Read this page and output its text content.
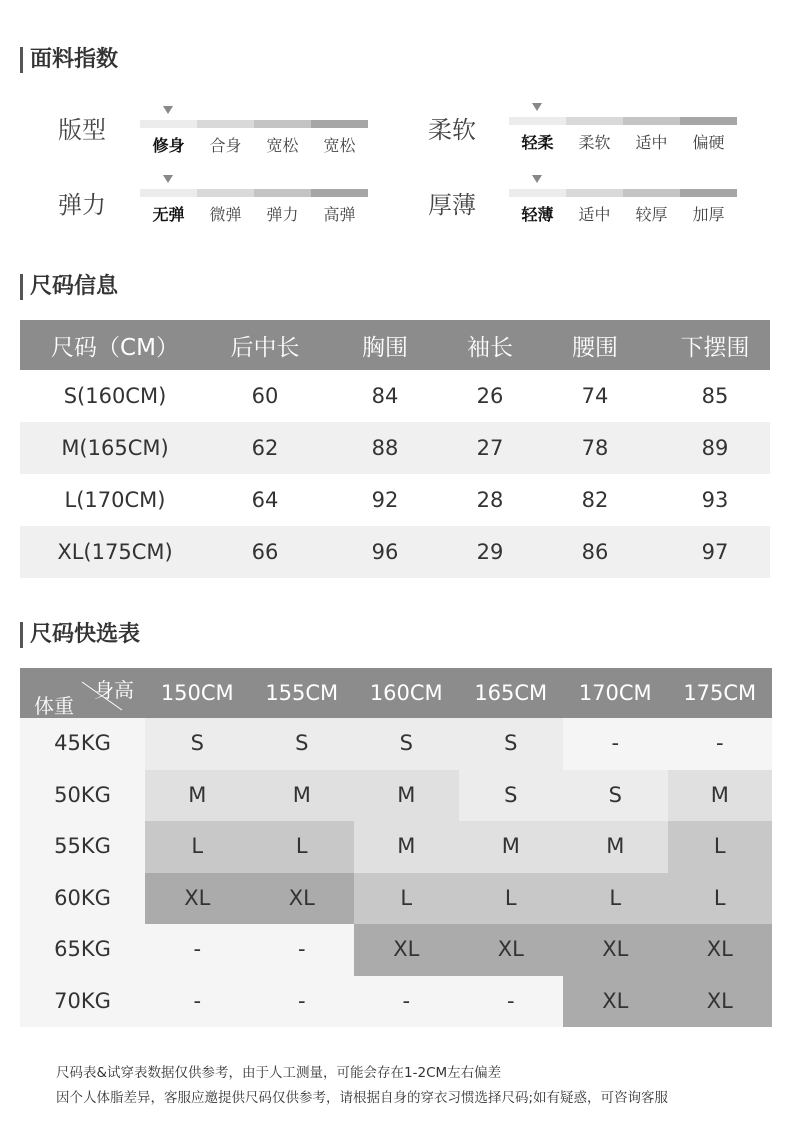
面料指数
版型
修身	合身	宽松	宽松
柔软	轻柔	柔软	适中	偏硬
弹力	无弹	微弹	弹力	高弹	厚薄	轻薄	适中	较厚	加厚
尺码信息
尺码（CM）	后中长	胸围	袖长	腰围	下摆围
S(160CM)	60	84	26	74	85
M(165CM)	62	88	27	78	89
L(170CM)	64	92	28	82	93
XL(175CM)	66	96	29	86	97
尺码快选表
体重
身高	150CM	155CM	160CM	165CM	170CM	175CM
45KG	S	S	S	S	-	-
50KG	M	M	M	S	S	M
55KG	L	L	M	M	M	L
60KG	XL	XL	L	L	L	L
65KG	-	-	XL	XL	XL	XL
70KG	-	-	-	-	XL	XL
尺码表&试穿表数据仅供参考，由于人工测量，可能会存在1-2CM左右偏差
因个人体脂差异，客服应邀提供尺码仅供参考，请根据自身的穿衣习惯选择尺码;如有疑惑，可咨询客服
